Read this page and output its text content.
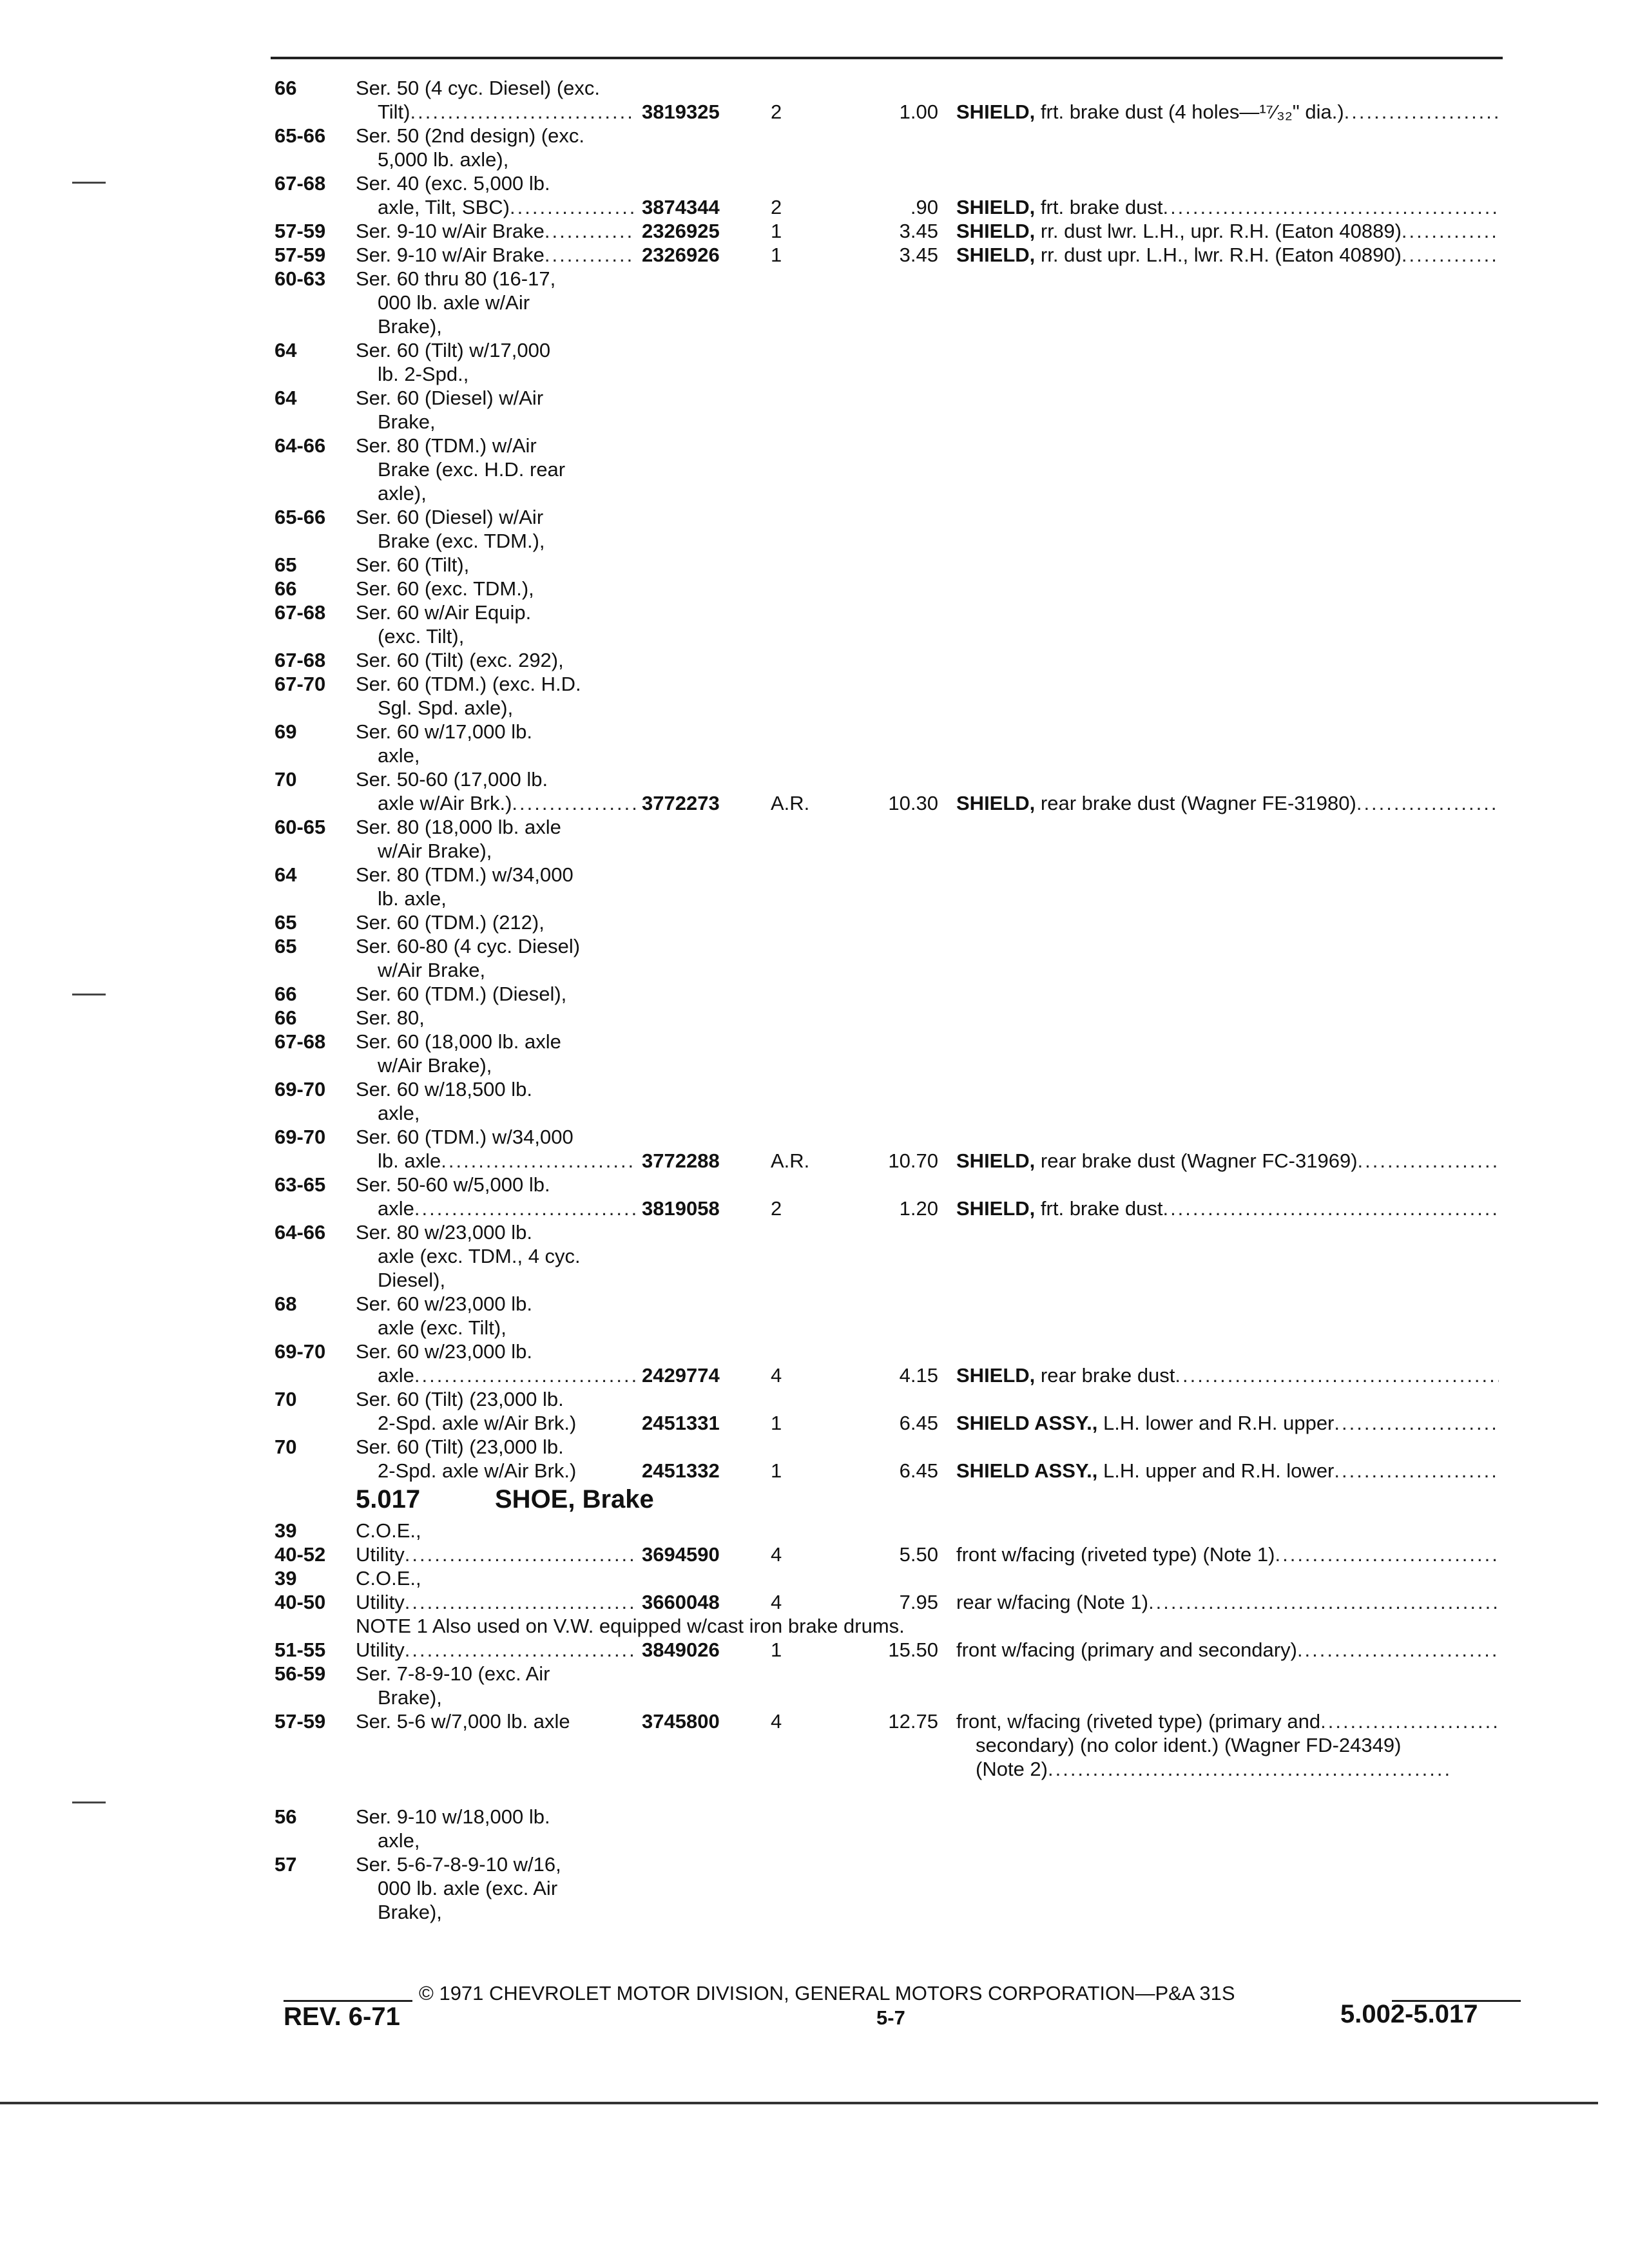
66	Ser. 50 (4 cyc. Diesel) (exc.
Tilt) .....	3819325	2	1.00 SHIELD, frt. brake dust (4 holes—¹⁷⁄₃₂" dia.).....
65-66 Ser. 50 (2nd design) (exc.
5,000 lb. axle),
67-68 Ser. 40 (exc. 5,000 lb.
axle, Tilt, SBC) .....	3874344	2	.90 SHIELD, frt. brake dust.....
57-59 Ser. 9-10 w/Air Brake .....	2326925	1	3.45 SHIELD, rr. dust lwr. L.H., upr. R.H. (Eaton 40889).....
57-59 Ser. 9-10 w/Air Brake .....	2326926	1	3.45 SHIELD, rr. dust upr. L.H., lwr. R.H. (Eaton 40890).....
60-63 Ser. 60 thru 80 (16-17,
000 lb. axle w/Air
Brake),
64	Ser. 60 (Tilt) w/17,000
lb. 2-Spd.,
64	Ser. 60 (Diesel) w/Air
Brake,
64-66 Ser. 80 (TDM.) w/Air
Brake (exc. H.D. rear
axle),
65-66 Ser. 60 (Diesel) w/Air
Brake (exc. TDM.),
65	Ser. 60 (Tilt),
66	Ser. 60 (exc. TDM.),
67-68 Ser. 60 w/Air Equip.
(exc. Tilt),
67-68 Ser. 60 (Tilt) (exc. 292),
67-70 Ser. 60 (TDM.) (exc. H.D.
Sgl. Spd. axle),
69	Ser. 60 w/17,000 lb.
axle,
70	Ser. 50-60 (17,000 lb.
axle w/Air Brk.) .....	3772273	A.R.	10.30 SHIELD, rear brake dust (Wagner FE-31980).....
60-65 Ser. 80 (18,000 lb. axle
w/Air Brake),
64	Ser. 80 (TDM.) w/34,000
lb. axle,
65	Ser. 60 (TDM.) (212),
65	Ser. 60-80 (4 cyc. Diesel)
w/Air Brake,
66	Ser. 60 (TDM.) (Diesel),
66	Ser. 80,
67-68 Ser. 60 (18,000 lb. axle
w/Air Brake),
69-70 Ser. 60 w/18,500 lb.
axle,
69-70 Ser. 60 (TDM.) w/34,000
lb. axle .....	3772288	A.R.	10.70 SHIELD, rear brake dust (Wagner FC-31969).....
63-65 Ser. 50-60 w/5,000 lb.
axle .....	3819058	2	1.20 SHIELD, frt. brake dust.....
64-66 Ser. 80 w/23,000 lb.
axle (exc. TDM., 4 cyc.
Diesel),
68	Ser. 60 w/23,000 lb.
axle (exc. Tilt),
69-70 Ser. 60 w/23,000 lb.
axle .....	2429774	4	4.15 SHIELD, rear brake dust.....
70	Ser. 60 (Tilt) (23,000 lb.
2-Spd. axle w/Air Brk.)	2451331	1	6.45 SHIELD ASSY., L.H. lower and R.H. upper.....
70	Ser. 60 (Tilt) (23,000 lb.
2-Spd. axle w/Air Brk.)	2451332	1	6.45 SHIELD ASSY., L.H. upper and R.H. lower.....
5.017	SHOE, Brake
39	C.O.E.,
40-52 Utility .....	3694590	4	5.50 front w/facing (riveted type) (Note 1).....
39	C.O.E.,
40-50 Utility .....	3660048	4	7.95 rear w/facing (Note 1).....
NOTE 1 Also used on V.W. equipped w/cast iron brake drums.
51-55 Utility .....	3849026	1	15.50 front w/facing (primary and secondary).....
56-59 Ser. 7-8-9-10 (exc. Air
Brake),
57-59 Ser. 5-6 w/7,000 lb. axle	3745800	4	12.75 front, w/facing (riveted type) (primary and.....
secondary) (no color ident.) (Wagner FD-24349)
(Note 2).....
56	Ser. 9-10 w/18,000 lb.
axle,
57	Ser. 5-6-7-8-9-10 w/16,
000 lb. axle (exc. Air
Brake),
© 1971 CHEVROLET MOTOR DIVISION, GENERAL MOTORS CORPORATION—P&A 31S
REV. 6-71	5-7	5.002-5.017
